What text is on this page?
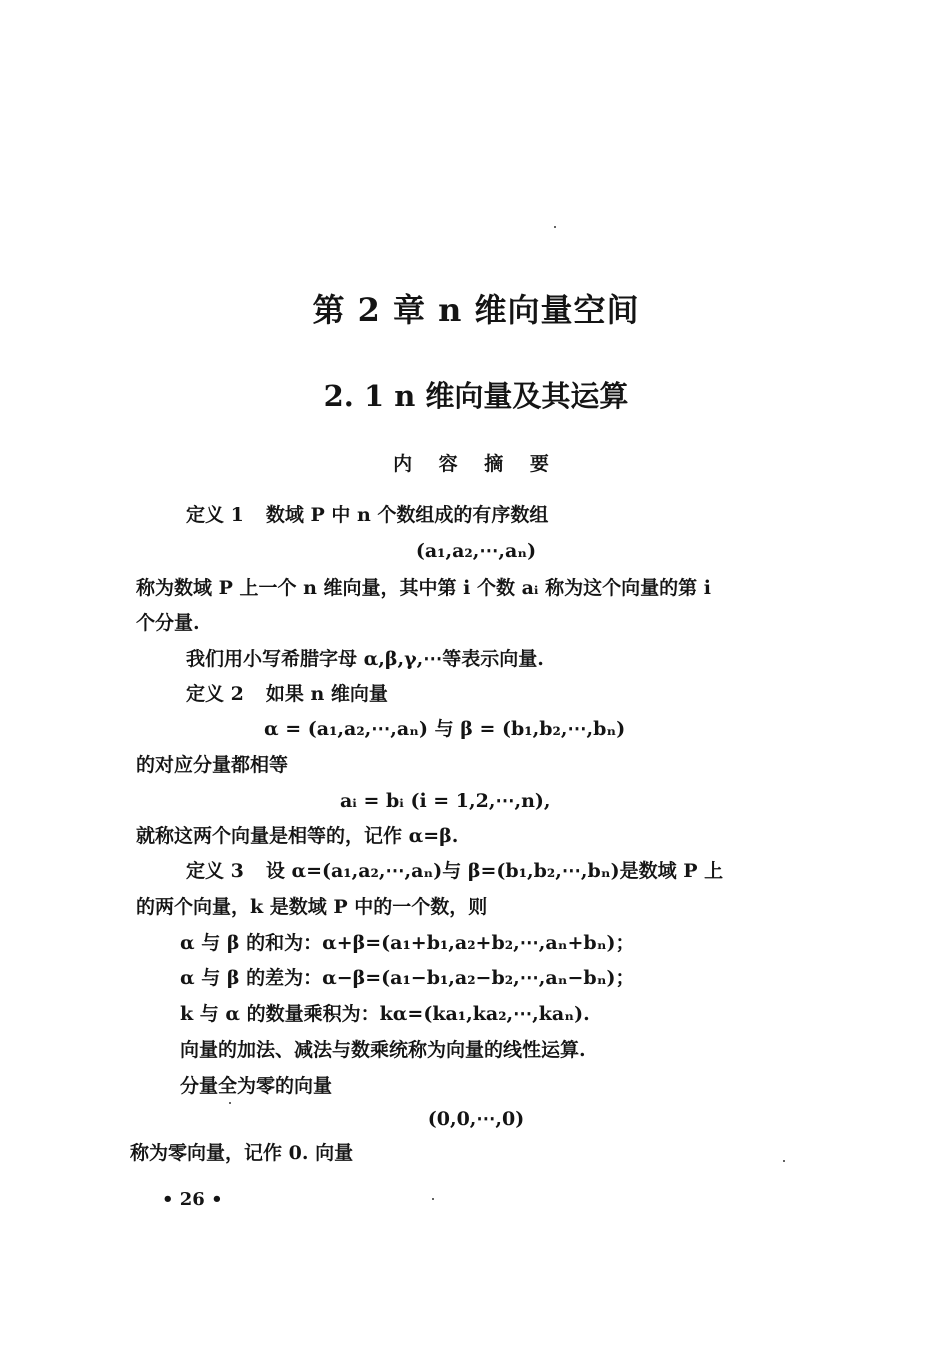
第 2 章 n 维向量空间
2. 1 n 维向量及其运算
内 容 摘 要
定义 1 数域 P 中 n 个数组成的有序数组
(a₁,a₂,⋯,aₙ)
称为数域 P 上一个 n 维向量，其中第 i 个数 aᵢ 称为这个向量的第 i
个分量.
我们用小写希腊字母 α,β,γ,⋯等表示向量.
定义 2 如果 n 维向量
α = (a₁,a₂,⋯,aₙ) 与 β = (b₁,b₂,⋯,bₙ)
的对应分量都相等
aᵢ = bᵢ (i = 1,2,⋯,n),
就称这两个向量是相等的，记作 α=β.
定义 3 设 α=(a₁,a₂,⋯,aₙ)与 β=(b₁,b₂,⋯,bₙ)是数域 P 上
的两个向量，k 是数域 P 中的一个数，则
α 与 β 的和为：α+β=(a₁+b₁,a₂+b₂,⋯,aₙ+bₙ)；
α 与 β 的差为：α−β=(a₁−b₁,a₂−b₂,⋯,aₙ−bₙ)；
k 与 α 的数量乘积为：kα=(ka₁,ka₂,⋯,kaₙ).
向量的加法、减法与数乘统称为向量的线性运算.
分量全为零的向量
(0,0,⋯,0)
称为零向量，记作 0. 向量
• 26 •
